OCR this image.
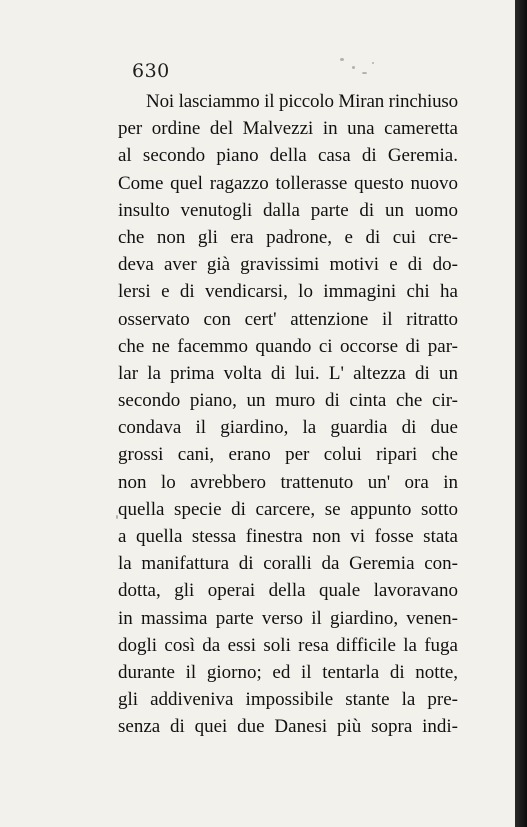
630
Noi lasciammo il piccolo Miran rinchiuso
per ordine del Malvezzi in una cameretta
al secondo piano della casa di Geremia.
Come quel ragazzo tollerasse questo nuovo
insulto venutogli dalla parte di un uomo
che non gli era padrone, e di cui cre-
deva aver già gravissimi motivi e di do-
lersi e di vendicarsi, lo immagini chi ha
osservato con cert' attenzione il ritratto
che ne facemmo quando ci occorse di par-
lar la prima volta di lui. L' altezza di un
secondo piano, un muro di cinta che cir-
condava il giardino, la guardia di due
grossi cani, erano per colui ripari che
non lo avrebbero trattenuto un' ora in
quella specie di carcere, se appunto sotto
a quella stessa finestra non vi fosse stata
la manifattura di coralli da Geremia con-
dotta, gli operai della quale lavoravano
in massima parte verso il giardino, venen-
dogli così da essi soli resa difficile la fuga
durante il giorno; ed il tentarla di notte,
gli addiveniva impossibile stante la pre-
senza di quei due Danesi più sopra indi-
